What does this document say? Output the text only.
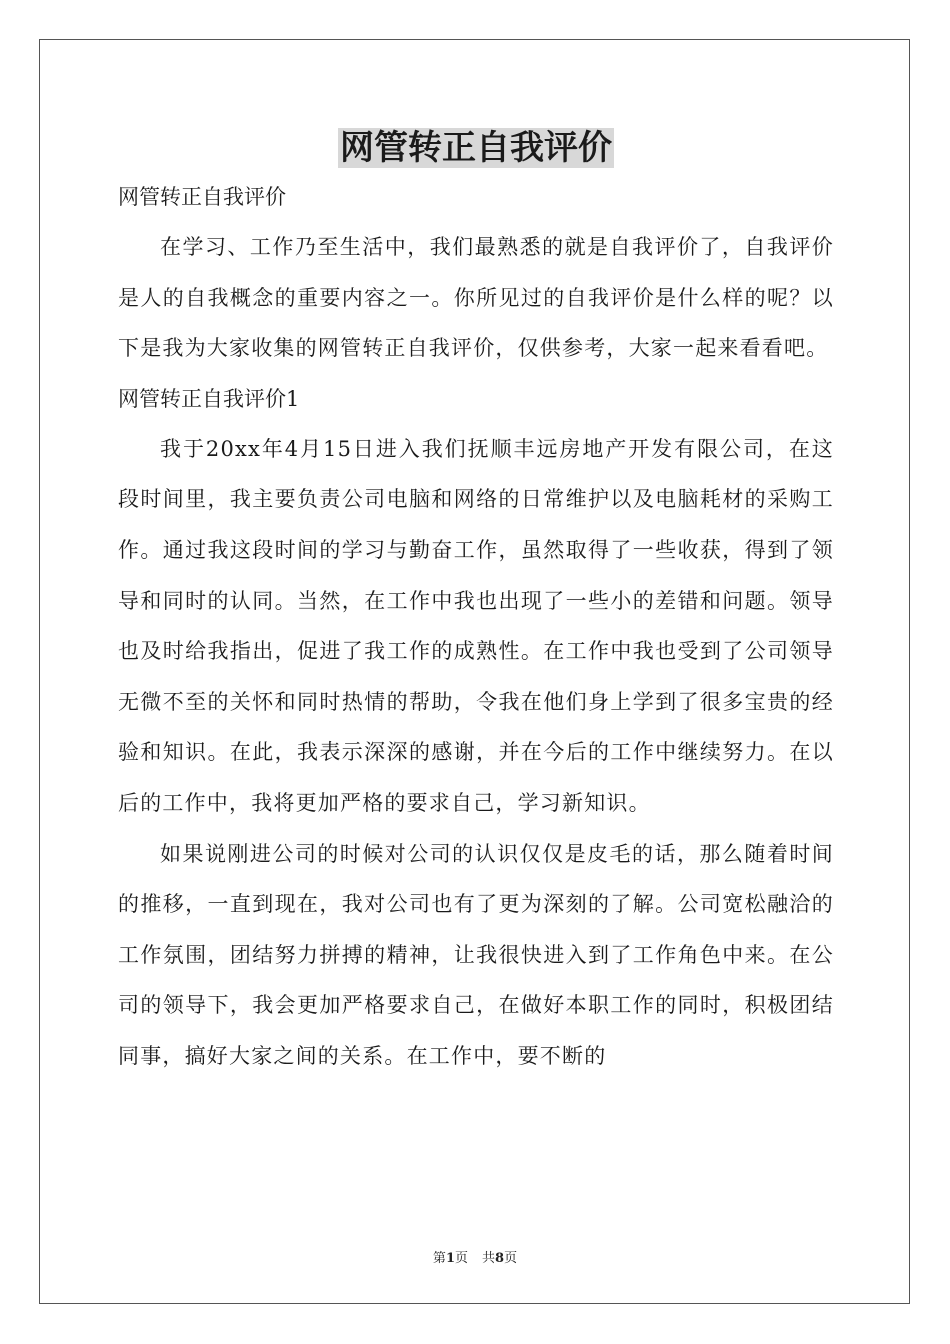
网管转正自我评价

网管转正自我评价

在学习、工作乃至生活中，我们最熟悉的就是自我评价了，自我评价是人的自我概念的重要内容之一。你所见过的自我评价是什么样的呢？以下是我为大家收集的网管转正自我评价，仅供参考，大家一起来看看吧。

网管转正自我评价1

我于20xx年4月15日进入我们抚顺丰远房地产开发有限公司，在这段时间里，我主要负责公司电脑和网络的日常维护以及电脑耗材的采购工作。通过我这段时间的学习与勤奋工作，虽然取得了一些收获，得到了领导和同时的认同。当然，在工作中我也出现了一些小的差错和问题。领导也及时给我指出，促进了我工作的成熟性。在工作中我也受到了公司领导无微不至的关怀和同时热情的帮助，令我在他们身上学到了很多宝贵的经验和知识。在此，我表示深深的感谢，并在今后的工作中继续努力。在以后的工作中，我将更加严格的要求自己，学习新知识。

如果说刚进公司的时候对公司的认识仅仅是皮毛的话，那么随着时间的推移，一直到现在，我对公司也有了更为深刻的了解。公司宽松融洽的工作氛围，团结努力拼搏的精神，让我很快进入到了工作角色中来。在公司的领导下，我会更加严格要求自己，在做好本职工作的同时，积极团结同事，搞好大家之间的关系。在工作中，要不断的

第1页 共8页
